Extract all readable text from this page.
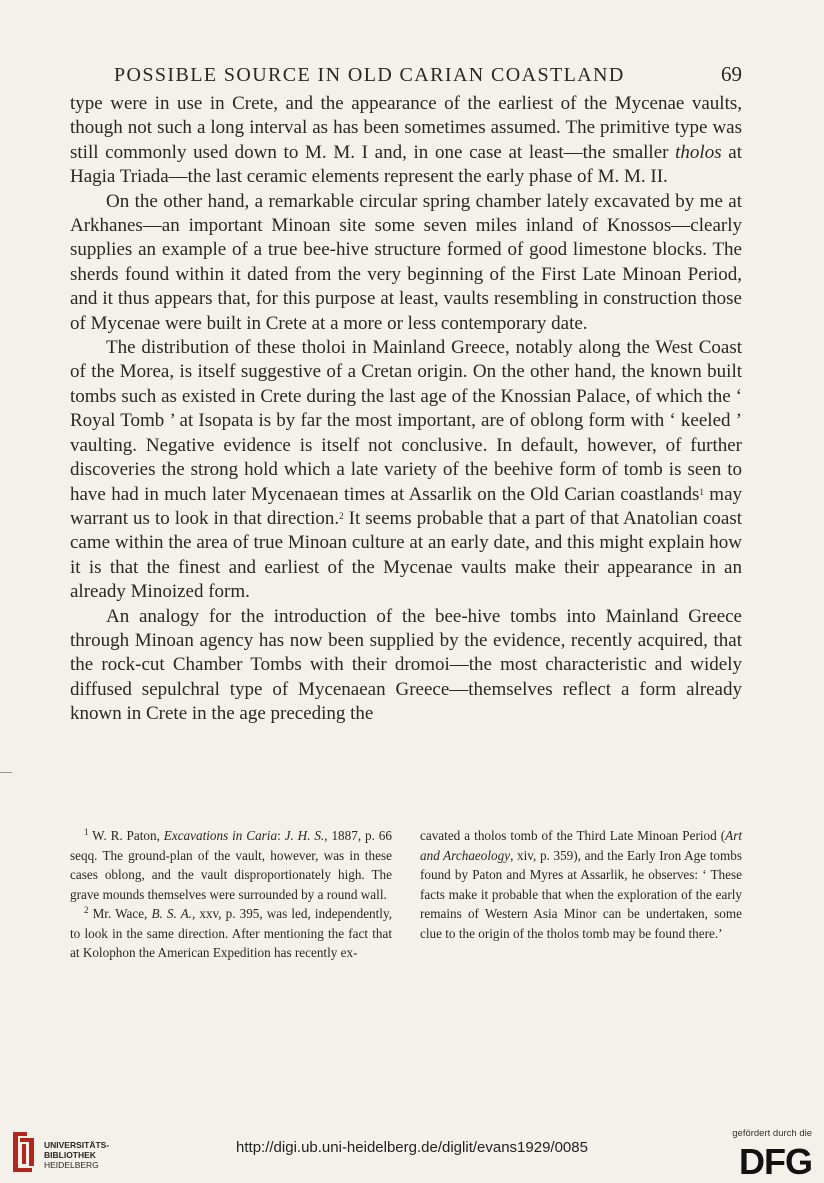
POSSIBLE SOURCE IN OLD CARIAN COASTLAND	69

type were in use in Crete, and the appearance of the earliest of the Mycenae vaults, though not such a long interval as has been sometimes assumed. The primitive type was still commonly used down to M. M. I and, in one case at least—the smaller tholos at Hagia Triada—the last ceramic elements represent the early phase of M. M. II.

On the other hand, a remarkable circular spring chamber lately excavated by me at Arkhanes—an important Minoan site some seven miles inland of Knossos—clearly supplies an example of a true bee-hive structure formed of good limestone blocks. The sherds found within it dated from the very beginning of the First Late Minoan Period, and it thus appears that, for this purpose at least, vaults resembling in construction those of Mycenae were built in Crete at a more or less contemporary date.

The distribution of these tholoi in Mainland Greece, notably along the West Coast of the Morea, is itself suggestive of a Cretan origin. On the other hand, the known built tombs such as existed in Crete during the last age of the Knossian Palace, of which the ‘ Royal Tomb ’ at Isopata is by far the most important, are of oblong form with ‘ keeled ’ vaulting. Negative evidence is itself not conclusive. In default, however, of further discoveries the strong hold which a late variety of the beehive form of tomb is seen to have had in much later Mycenaean times at Assarlik on the Old Carian coastlands$^1$ may warrant us to look in that direction.$^2$ It seems probable that a part of that Anatolian coast came within the area of true Minoan culture at an early date, and this might explain how it is that the finest and earliest of the Mycenae vaults make their appearance in an already Minoized form.

An analogy for the introduction of the bee-hive tombs into Mainland Greece through Minoan agency has now been supplied by the evidence, recently acquired, that the rock-cut Chamber Tombs with their dromoi—the most characteristic and widely diffused sepulchral type of Mycenaean Greece—themselves reflect a form already known in Crete in the age preceding the

$^1$ W. R. Paton, Excavations in Caria: J. H. S., 1887, p. 66 seqq. The ground-plan of the vault, however, was in these cases oblong, and the vault disproportionately high. The grave mounds themselves were surrounded by a round wall.

$^2$ Mr. Wace, B. S. A., xxv, p. 395, was led, independently, to look in the same direction. After mentioning the fact that at Kolophon the American Expedition has recently ex-

cavated a tholos tomb of the Third Late Minoan Period (Art and Archaeology, xiv, p. 359), and the Early Iron Age tombs found by Paton and Myres at Assarlik, he observes: ‘ These facts make it probable that when the exploration of the early remains of Western Asia Minor can be undertaken, some clue to the origin of the tholos tomb may be found there.’

UNIVERSITÄTS-
BIBLIOTHEK
HEIDELBERG
http://digi.ub.uni-heidelberg.de/diglit/evans1929/0085
gefördert durch die
DFG
